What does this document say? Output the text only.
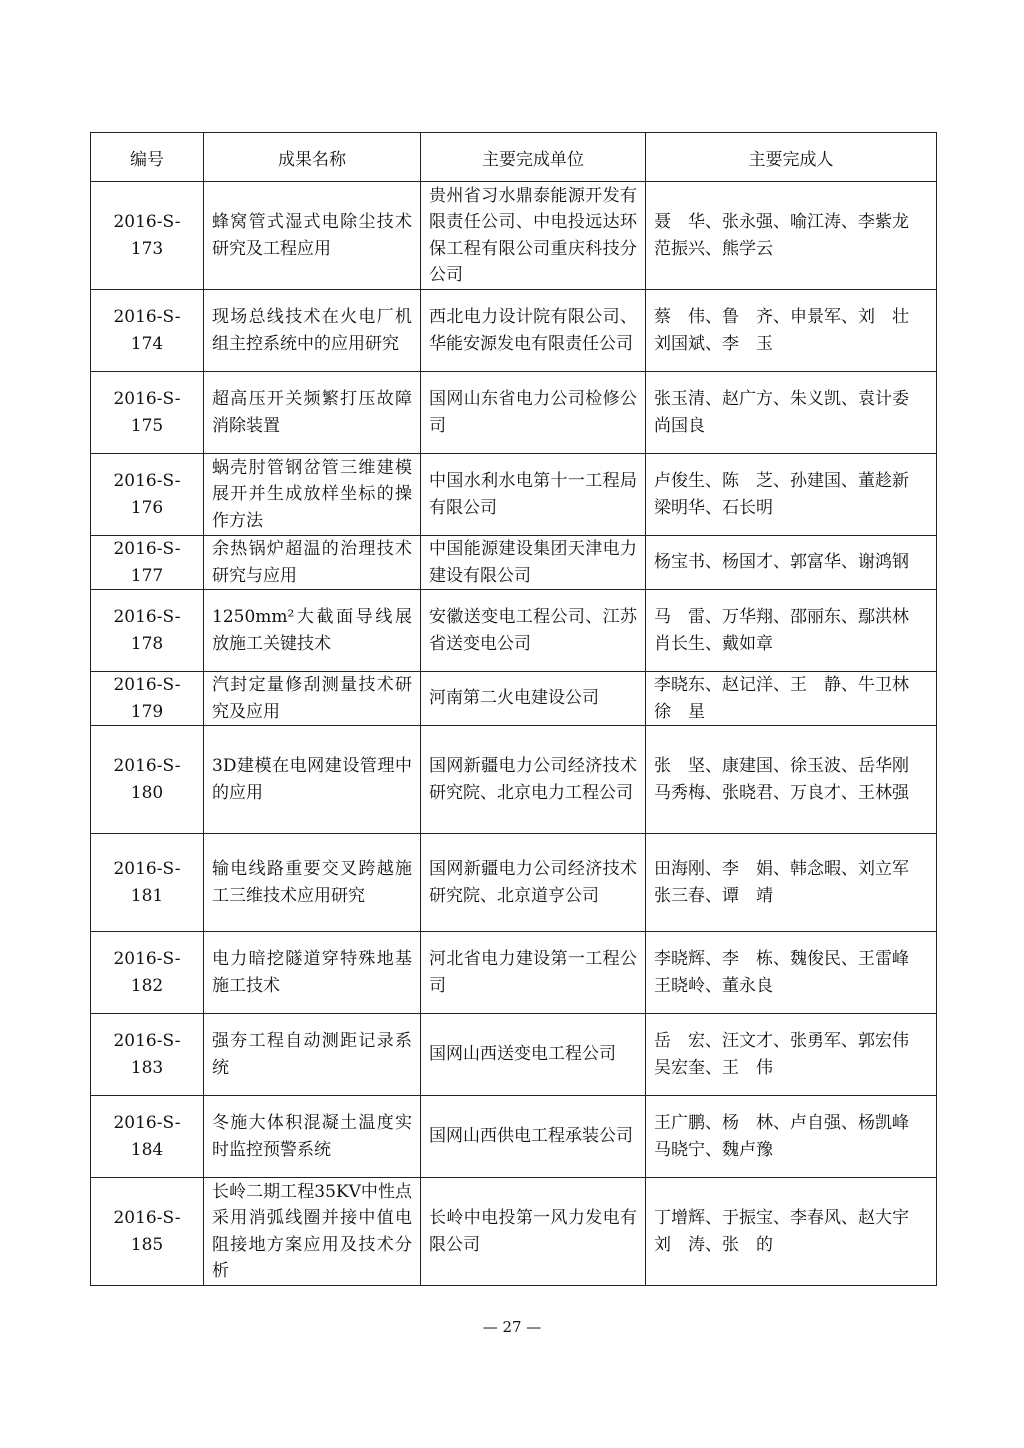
编号	成果名称	主要完成单位	主要完成人
2016-S-173	蜂窝管式湿式电除尘技术研究及工程应用	贵州省习水鼎泰能源开发有限责任公司、中电投远达环保工程有限公司重庆科技分公司	聂　华、张永强、喻江涛、李紫龙
范振兴、熊学云

2016-S-174	现场总线技术在火电厂机组主控系统中的应用研究	西北电力设计院有限公司、华能安源发电有限责任公司	蔡　伟、鲁　齐、申景军、刘　壮
刘国斌、李　玉

2016-S-175	超高压开关频繁打压故障消除装置	国网山东省电力公司检修公司	张玉清、赵广方、朱义凯、袁计委
尚国良

2016-S-176	蜗壳肘管钢岔管三维建模展开并生成放样坐标的操作方法	中国水利水电第十一工程局有限公司	卢俊生、陈　芝、孙建国、董趁新
梁明华、石长明

2016-S-177	余热锅炉超温的治理技术研究与应用	中国能源建设集团天津电力建设有限公司	杨宝书、杨国才、郭富华、谢鸿钢

2016-S-178	1250mm²大截面导线展放施工关键技术	安徽送变电工程公司、江苏省送变电公司	马　雷、万华翔、邵丽东、鄢洪林
肖长生、戴如章

2016-S-179	汽封定量修刮测量技术研究及应用	河南第二火电建设公司	李晓东、赵记洋、王　静、牛卫林
徐　星

2016-S-180	3D建模在电网建设管理中的应用	国网新疆电力公司经济技术研究院、北京电力工程公司	张　坚、康建国、徐玉波、岳华刚
马秀梅、张晓君、万良才、王林强

2016-S-181	输电线路重要交叉跨越施工三维技术应用研究	国网新疆电力公司经济技术研究院、北京道亨公司	田海刚、李　娟、韩念暇、刘立军
张三春、谭　靖

2016-S-182	电力暗挖隧道穿特殊地基施工技术	河北省电力建设第一工程公司	李晓辉、李　栋、魏俊民、王雷峰
王晓岭、董永良

2016-S-183	强夯工程自动测距记录系统	国网山西送变电工程公司	岳　宏、汪文才、张勇军、郭宏伟
吴宏奎、王　伟

2016-S-184	冬施大体积混凝土温度实时监控预警系统	国网山西供电工程承装公司	王广鹏、杨　林、卢自强、杨凯峰
马晓宁、魏卢豫

2016-S-185	长岭二期工程35KV中性点采用消弧线圈并接中值电阻接地方案应用及技术分析	长岭中电投第一风力发电有限公司	丁增辉、于振宝、李春风、赵大宇
刘　涛、张　的
— 27 —
